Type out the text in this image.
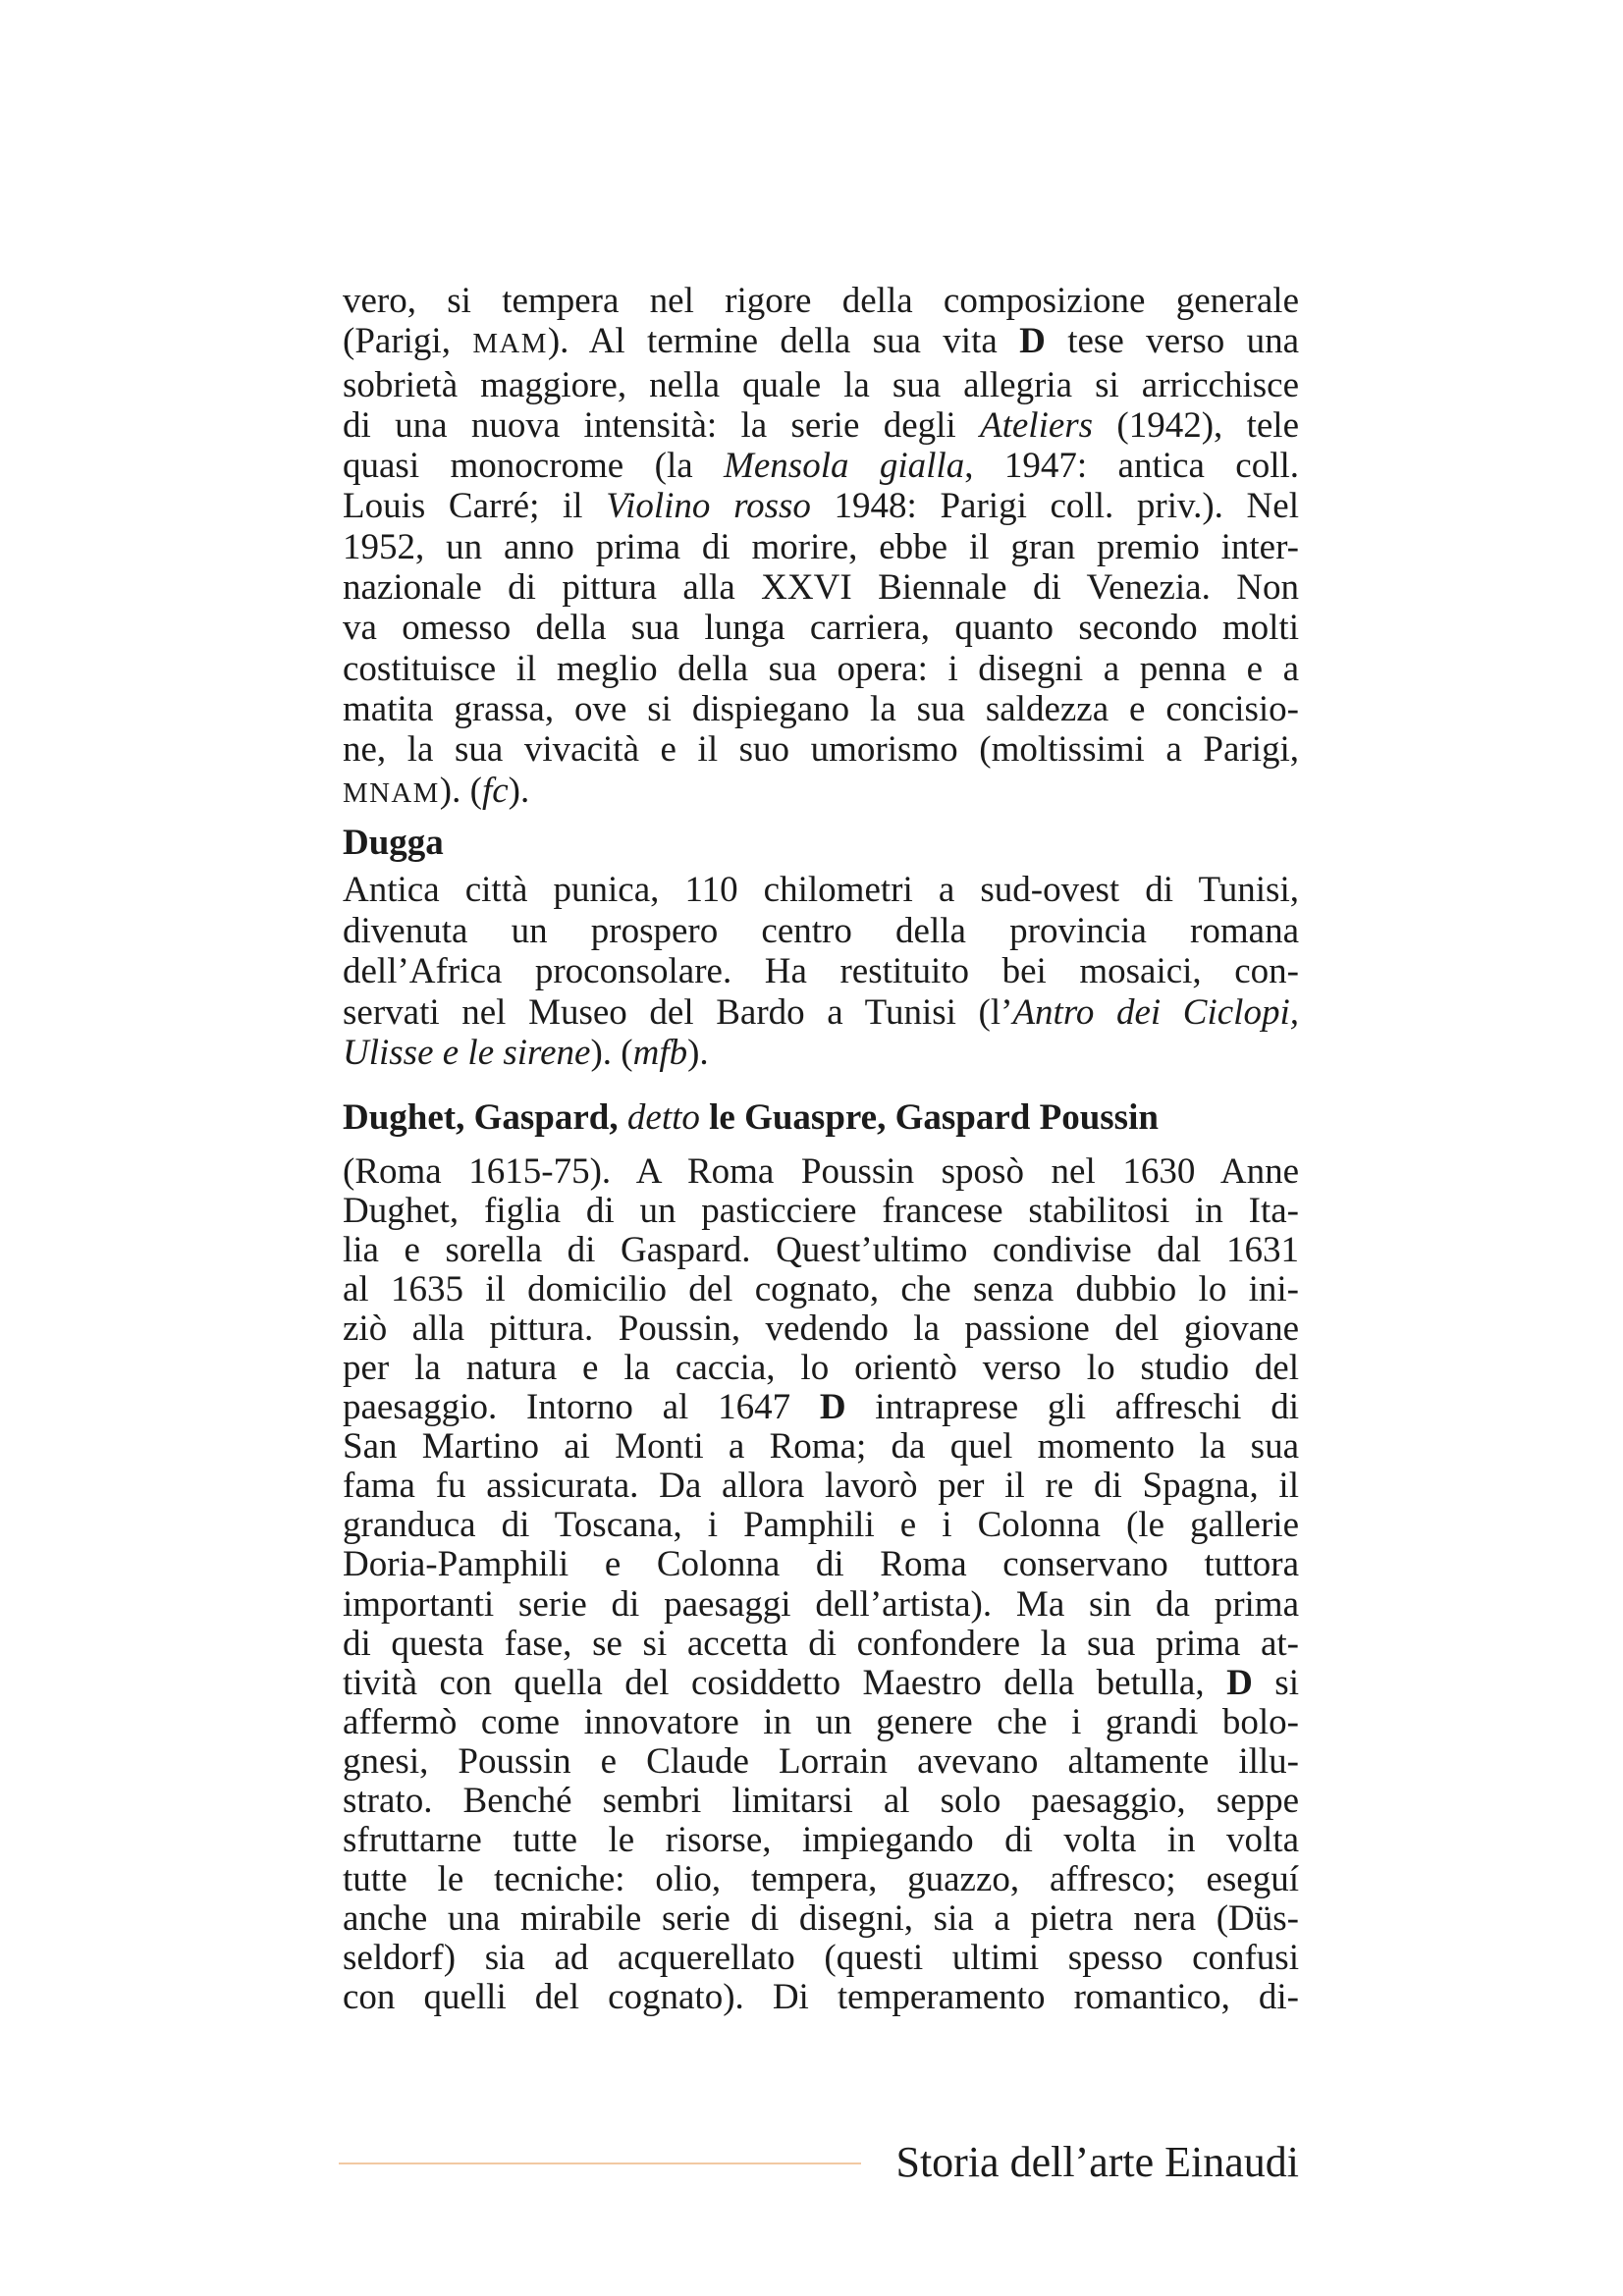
vero, si tempera nel rigore della composizione generale
(Parigi, MAM). Al termine della sua vita D tese verso una
sobrietà maggiore, nella quale la sua allegria si arricchisce
di una nuova intensità: la serie degli Ateliers (1942), tele
quasi monocrome (la Mensola gialla, 1947: antica coll.
Louis Carré; il Violino rosso 1948: Parigi coll. priv.). Nel
1952, un anno prima di morire, ebbe il gran premio inter-
nazionale di pittura alla XXVI Biennale di Venezia. Non
va omesso della sua lunga carriera, quanto secondo molti
costituisce il meglio della sua opera: i disegni a penna e a
matita grassa, ove si dispiegano la sua saldezza e concisio-
ne, la sua vivacità e il suo umorismo (moltissimi a Parigi,
MNAM). (fc).
Dugga
Antica città punica, 110 chilometri a sud-ovest di Tunisi,
divenuta un prospero centro della provincia romana
dell’Africa proconsolare. Ha restituito bei mosaici, con-
servati nel Museo del Bardo a Tunisi (l’Antro dei Ciclopi,
Ulisse e le sirene). (mfb).
Dughet, Gaspard, detto le Guaspre, Gaspard Poussin
(Roma 1615-75). A Roma Poussin sposò nel 1630 Anne
Dughet, figlia di un pasticciere francese stabilitosi in Ita-
lia e sorella di Gaspard. Quest’ultimo condivise dal 1631
al 1635 il domicilio del cognato, che senza dubbio lo ini-
ziò alla pittura. Poussin, vedendo la passione del giovane
per la natura e la caccia, lo orientò verso lo studio del
paesaggio. Intorno al 1647 D intraprese gli affreschi di
San Martino ai Monti a Roma; da quel momento la sua
fama fu assicurata. Da allora lavorò per il re di Spagna, il
granduca di Toscana, i Pamphili e i Colonna (le gallerie
Doria-Pamphili e Colonna di Roma conservano tuttora
importanti serie di paesaggi dell’artista). Ma sin da prima
di questa fase, se si accetta di confondere la sua prima at-
tività con quella del cosiddetto Maestro della betulla, D si
affermò come innovatore in un genere che i grandi bolo-
gnesi, Poussin e Claude Lorrain avevano altamente illu-
strato. Benché sembri limitarsi al solo paesaggio, seppe
sfruttarne tutte le risorse, impiegando di volta in volta
tutte le tecniche: olio, tempera, guazzo, affresco; eseguí
anche una mirabile serie di disegni, sia a pietra nera (Düs-
seldorf) sia ad acquerellato (questi ultimi spesso confusi
con quelli del cognato). Di temperamento romantico, di-
Storia dell’arte Einaudi
